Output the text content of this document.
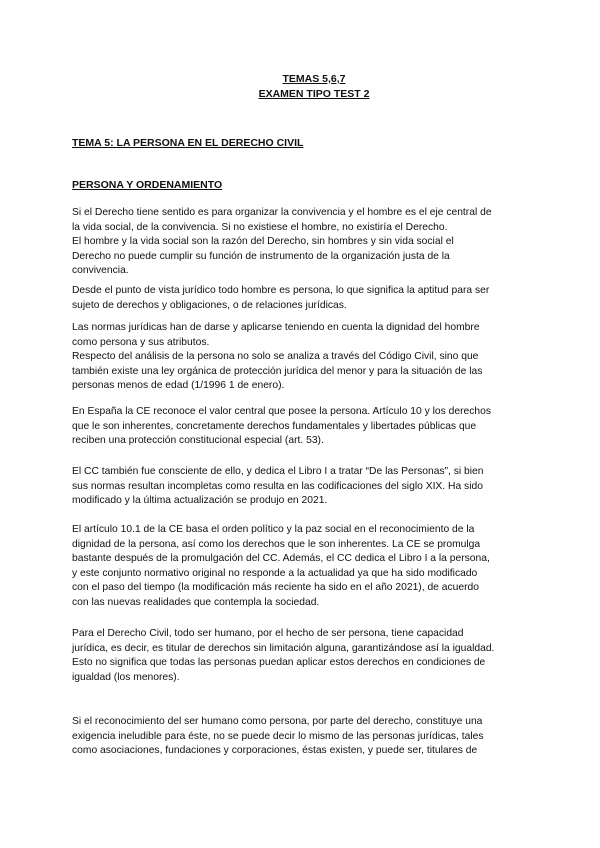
TEMAS 5,6,7
EXAMEN TIPO TEST 2
TEMA 5: LA PERSONA EN EL DERECHO CIVIL
PERSONA Y ORDENAMIENTO
Si el Derecho tiene sentido es para organizar la convivencia y el hombre es el eje central de
la vida social, de la convivencia. Si no existiese el hombre, no existiría el Derecho.
El hombre y la vida social son la razón del Derecho, sin hombres y sin vida social el
Derecho no puede cumplir su función de instrumento de la organización justa de la
convivencia.
Desde el punto de vista jurídico todo hombre es persona, lo que significa la aptitud para ser
sujeto de derechos y obligaciones, o de relaciones jurídicas.
Las normas jurídicas han de darse y aplicarse teniendo en cuenta la dignidad del hombre
como persona y sus atributos.
Respecto del análisis de la persona no solo se analiza a través del Código Civil, sino que
también existe una ley orgánica de protección jurídica del menor y para la situación de las
personas menos de edad (1/1996 1 de enero).
En España la CE reconoce el valor central que posee la persona. Artículo 10 y los derechos
que le son inherentes, concretamente derechos fundamentales y libertades públicas que
reciben una protección constitucional especial (art. 53).
El CC también fue consciente de ello, y dedica el Libro I a tratar “De las Personas”, si bien
sus normas resultan incompletas como resulta en las codificaciones del siglo XIX. Ha sido
modificado y la última actualización se produjo en 2021.
El artículo 10.1 de la CE basa el orden político y la paz social en el reconocimiento de la
dignidad de la persona, así como los derechos que le son inherentes. La CE se promulga
bastante después de la promulgación del CC. Además, el CC dedica el Libro I a la persona,
y este conjunto normativo original no responde a la actualidad ya que ha sido modificado
con el paso del tiempo (la modificación más reciente ha sido en el año 2021), de acuerdo
con las nuevas realidades que contempla la sociedad.
Para el Derecho Civil, todo ser humano, por el hecho de ser persona, tiene capacidad
jurídica, es decir, es titular de derechos sin limitación alguna, garantizándose así la igualdad.
Esto no significa que todas las personas puedan aplicar estos derechos en condiciones de
igualdad (los menores).
Si el reconocimiento del ser humano como persona, por parte del derecho, constituye una
exigencia ineludible para éste, no se puede decir lo mismo de las personas jurídicas, tales
como asociaciones, fundaciones y corporaciones, éstas existen, y puede ser, titulares de
